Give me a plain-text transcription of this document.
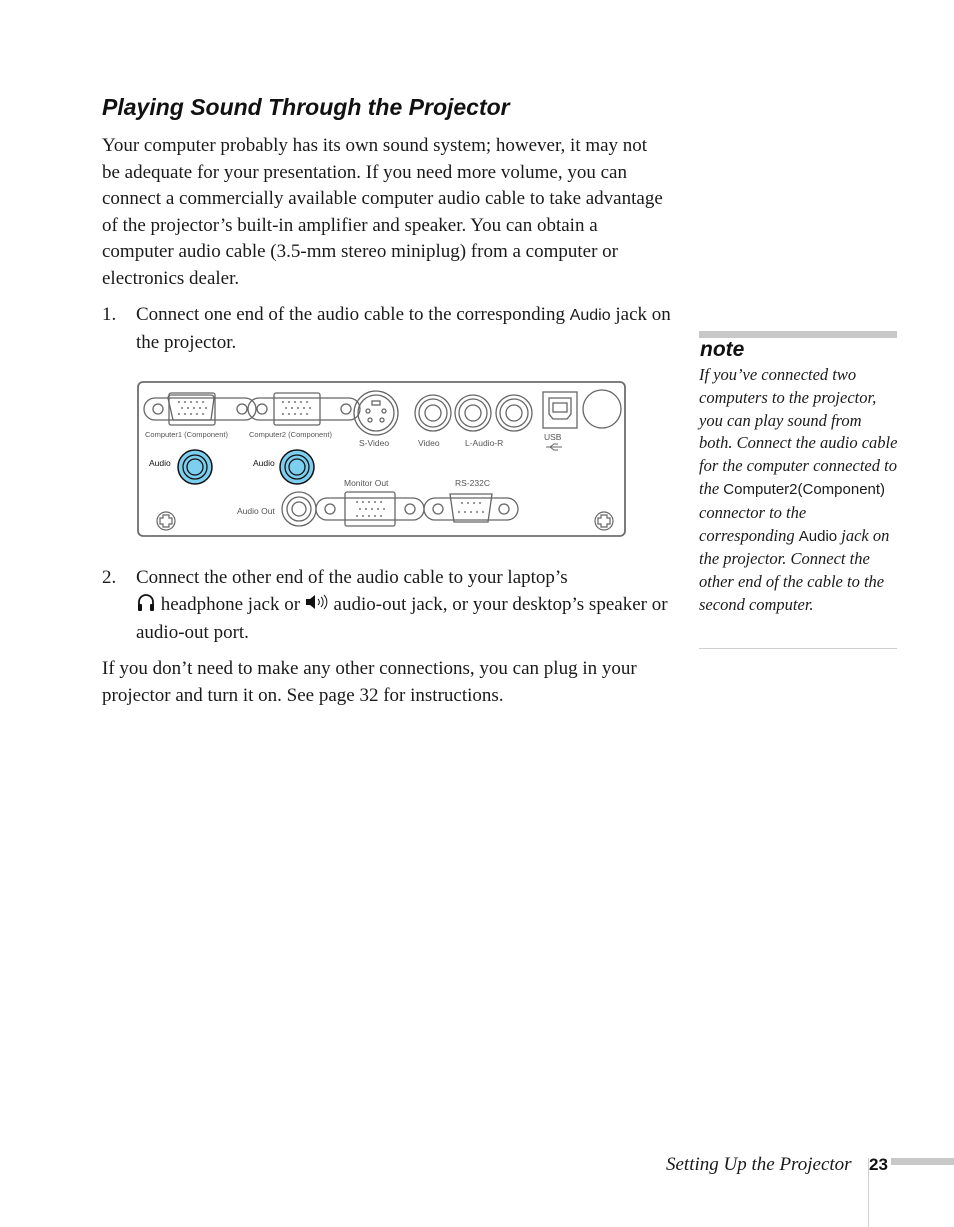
Playing Sound Through the Projector
Your computer probably has its own sound system; however, it may not be adequate for your presentation. If you need more volume, you can connect a commercially available computer audio cable to take advantage of the projector’s built-in amplifier and speaker. You can obtain a computer audio cable (3.5-mm stereo miniplug) from a computer or electronics dealer.
1. Connect one end of the audio cable to the corresponding Audio jack on the projector.
Computer1 (Component)	Computer2 (Component)
S-Video	Video	L-Audio-R
USB
Audio	Audio
Audio Out
Monitor Out	RS-232C
2. Connect the other end of the audio cable to your laptop’s
headphone jack or  audio-out jack, or your desktop’s speaker or audio-out port.
If you don’t need to make any other connections, you can plug in your projector and turn it on. See page 32 for instructions.
note
If you’ve connected two computers to the projector, you can play sound from both. Connect the audio cable for the computer connected to the Computer2(Component) connector to the corresponding Audio jack on the projector. Connect the other end of the cable to the second computer.
Setting Up the Projector 23
